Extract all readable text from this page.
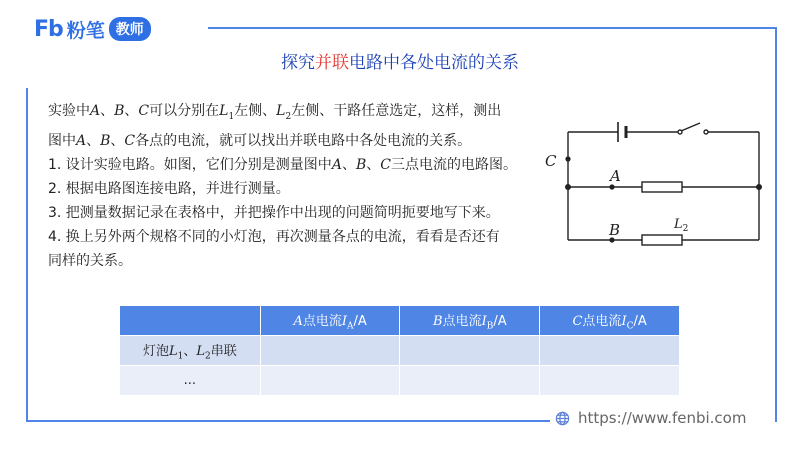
Fb 粉笔 教师
探究并联电路中各处电流的关系

实验中A、B、C可以分别在$L_1$左侧、$L_2$左侧、干路任意选定，这样，测出

图中A、B、C各点的电流，就可以找出并联电路中各处电流的关系。

1. 设计实验电路。如图，它们分别是测量图中A、B、C三点电流的电路图。

2. 根据电路图连接电路，并进行测量。

3. 把测量数据记录在表格中，并把操作中出现的问题简明扼要地写下来。

4. 换上另外两个规格不同的小灯泡，再次测量各点的电流，看看是否还有

同样的关系。

C
A
B	$L_2$
	A点电流$I_A/A$	B点电流$I_B/A$	C点电流$I_C/A$
灯泡$L_1$、$L_2$串联			
...			
https://www.fenbi.com
